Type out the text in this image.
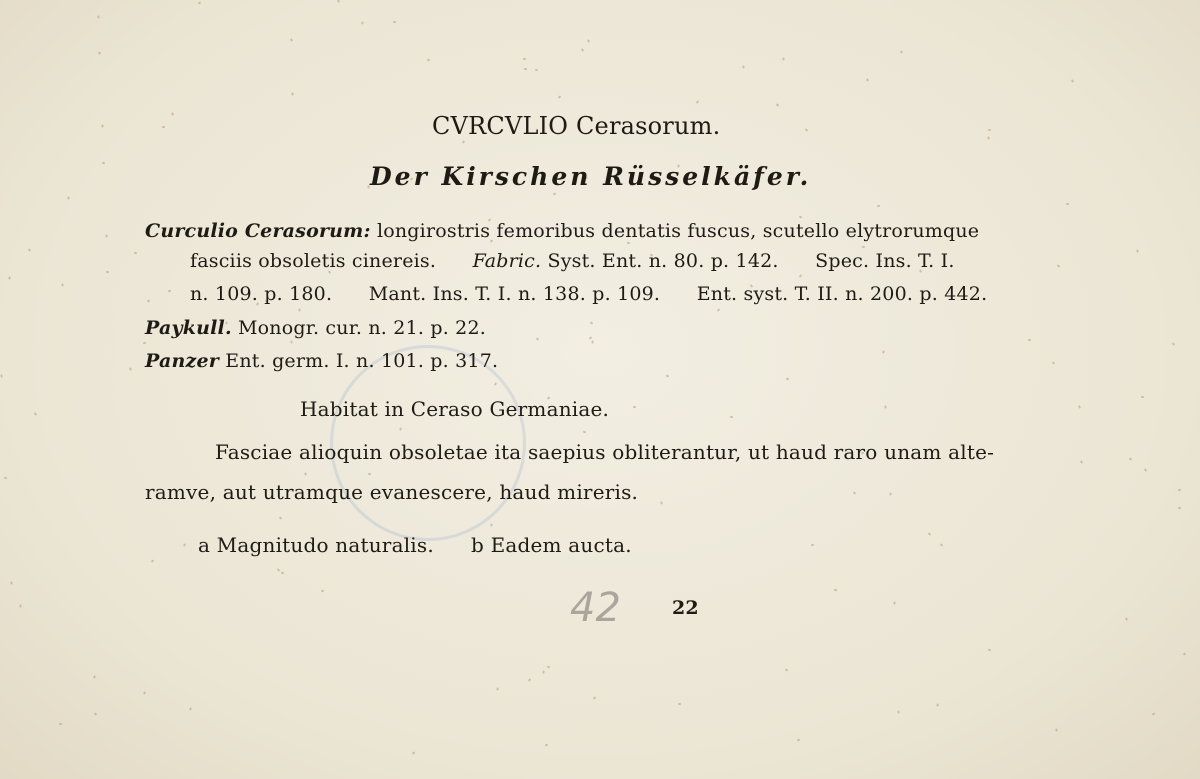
CVRCVLIO Cerasorum.
Der Kirschen Rüsselkäfer.
Curculio Cerasorum: longirostris femoribus dentatis fuscus, scutello elytrorumque
fasciis obsoletis cinereis. Fabric. Syst. Ent. n. 80. p. 142. Spec. Ins. T. I.
n. 109. p. 180. Mant. Ins. T. I. n. 138. p. 109. Ent. syst. T. II. n. 200. p. 442.
Paykull. Monogr. cur. n. 21. p. 22.
Panzer Ent. germ. I. n. 101. p. 317.
Habitat in Ceraso Germaniae.
Fasciae alioquin obsoletae ita saepius obliterantur, ut haud raro unam alte-
ramve, aut utramque evanescere, haud mireris.
a Magnitudo naturalis. b Eadem aucta.
42	22
